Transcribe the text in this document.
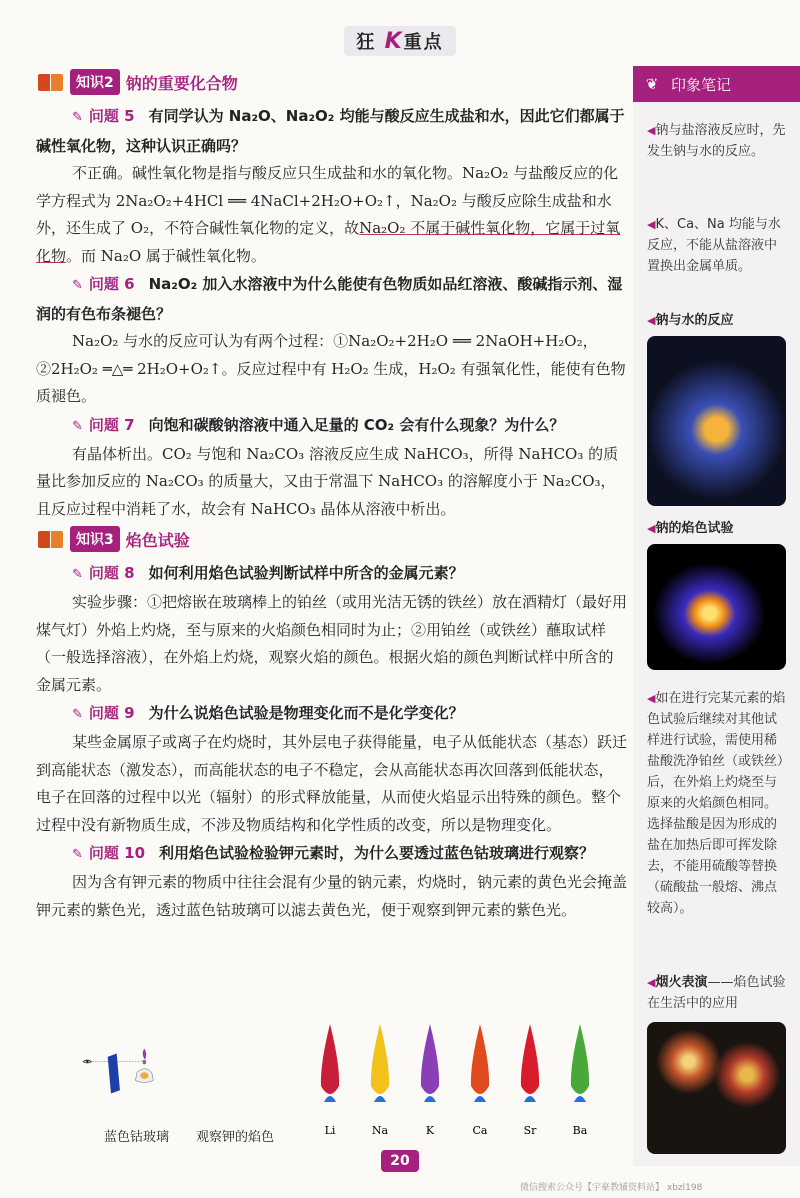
狂 K重点
知识2 钠的重要化合物

✎ 问题 5 有同学认为 Na₂O、Na₂O₂ 均能与酸反应生成盐和水，因此它们都属于碱性氧化物，这种认识正确吗？

不正确。碱性氧化物是指与酸反应只生成盐和水的氧化物。Na₂O₂ 与盐酸反应的化学方程式为 2Na₂O₂+4HCl ══ 4NaCl+2H₂O+O₂↑，Na₂O₂ 与酸反应除生成盐和水外，还生成了 O₂，不符合碱性氧化物的定义，故Na₂O₂ 不属于碱性氧化物，它属于过氧化物。而 Na₂O 属于碱性氧化物。

✎ 问题 6 Na₂O₂ 加入水溶液中为什么能使有色物质如品红溶液、酸碱指示剂、湿润的有色布条褪色？

Na₂O₂ 与水的反应可认为有两个过程：①Na₂O₂+2H₂O ══ 2NaOH+H₂O₂，②2H₂O₂ ═△═ 2H₂O+O₂↑。反应过程中有 H₂O₂ 生成，H₂O₂ 有强氧化性，能使有色物质褪色。

✎ 问题 7 向饱和碳酸钠溶液中通入足量的 CO₂ 会有什么现象？为什么？

有晶体析出。CO₂ 与饱和 Na₂CO₃ 溶液反应生成 NaHCO₃，所得 NaHCO₃ 的质量比参加反应的 Na₂CO₃ 的质量大，又由于常温下 NaHCO₃ 的溶解度小于 Na₂CO₃，且反应过程中消耗了水，故会有 NaHCO₃ 晶体从溶液中析出。

知识3 焰色试验

✎ 问题 8 如何利用焰色试验判断试样中所含的金属元素？

实验步骤：①把熔嵌在玻璃棒上的铂丝（或用光洁无锈的铁丝）放在酒精灯（最好用煤气灯）外焰上灼烧，至与原来的火焰颜色相同时为止；②用铂丝（或铁丝）蘸取试样（一般选择溶液），在外焰上灼烧，观察火焰的颜色。根据火焰的颜色判断试样中所含的金属元素。

✎ 问题 9 为什么说焰色试验是物理变化而不是化学变化？

某些金属原子或离子在灼烧时，其外层电子获得能量，电子从低能状态（基态）跃迁到高能状态（激发态），而高能状态的电子不稳定，会从高能状态再次回落到低能状态，电子在回落的过程中以光（辐射）的形式释放能量，从而使火焰显示出特殊的颜色。整个过程中没有新物质生成，不涉及物质结构和化学性质的改变，所以是物理变化。

✎ 问题 10 利用焰色试验检验钾元素时，为什么要透过蓝色钴玻璃进行观察？

因为含有钾元素的物质中往往会混有少量的钠元素，灼烧时，钠元素的黄色光会掩盖钾元素的紫色光，透过蓝色钴玻璃可以滤去黄色光，便于观察到钾元素的紫色光。

蓝色钴玻璃 观察钾的焰色	Li	Na	K	Ca	Sr	Ba
❦ 印象笔记
◀钠与盐溶液反应时，先发生钠与水的反应。
◀K、Ca、Na 均能与水反应，不能从盐溶液中置换出金属单质。
◀钠与水的反应
◀钠的焰色试验
◀如在进行完某元素的焰色试验后继续对其他试样进行试验，需使用稀盐酸洗净铂丝（或铁丝）后，在外焰上灼烧至与原来的火焰颜色相同。选择盐酸是因为形成的盐在加热后即可挥发除去，不能用硫酸等替换（硫酸盐一般熔、沸点较高）。
◀烟火表演——焰色试验在生活中的应用
20
微信搜索公众号【宇豪教辅资料站】 xbzl198
